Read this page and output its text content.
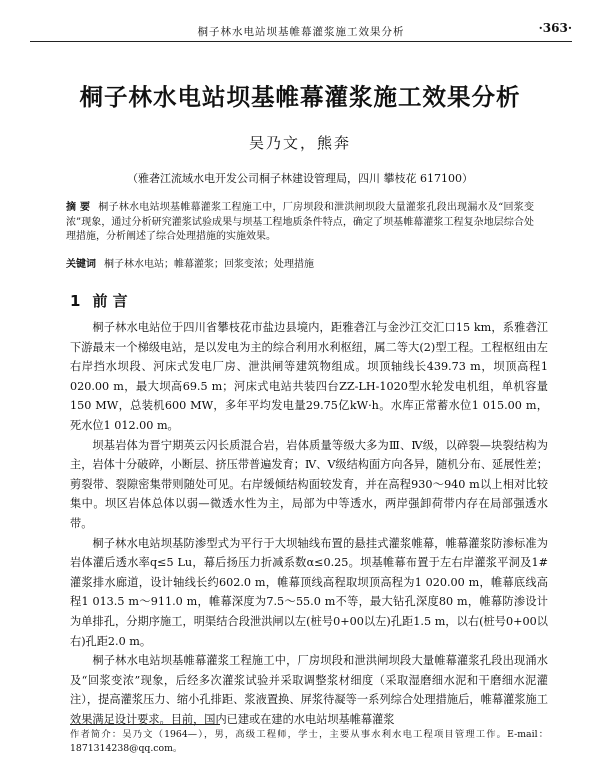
桐子林水电站坝基帷幕灌浆施工效果分析	·363·
桐子林水电站坝基帷幕灌浆施工效果分析
吴乃文，熊奔
（雅砻江流域水电开发公司桐子林建设管理局，四川 攀枝花 617100）
摘 要 桐子林水电站坝基帷幕灌浆工程施工中，厂房坝段和泄洪闸坝段大量灌浆孔段出现漏水及“回浆变浓”现象，通过分析研究灌浆试验成果与坝基工程地质条件特点，确定了坝基帷幕灌浆工程复杂地层综合处理措施，分析阐述了综合处理措施的实施效果。
关键词 桐子林水电站；帷幕灌浆；回浆变浓；处理措施
1 前 言

桐子林水电站位于四川省攀枝花市盐边县境内，距雅砻江与金沙江交汇口15 km，系雅砻江下游最末一个梯级电站，是以发电为主的综合利用水利枢纽，属二等大(2)型工程。工程枢纽由左右岸挡水坝段、河床式发电厂房、泄洪闸等建筑物组成。坝顶轴线长439.73 m，坝顶高程1 020.00 m，最大坝高69.5 m；河床式电站共装四台ZZ-LH-1020型水轮发电机组，单机容量150 MW，总装机600 MW，多年平均发电量29.75亿kW·h。水库正常蓄水位1 015.00 m，死水位1 012.00 m。

坝基岩体为晋宁期英云闪长质混合岩，岩体质量等级大多为Ⅲ、Ⅳ级，以碎裂—块裂结构为主，岩体十分破碎，小断层、挤压带普遍发育；Ⅳ、Ⅴ级结构面方向各异，随机分布、延展性差；剪裂带、裂隙密集带则随处可见。右岸缓倾结构面较发育，并在高程930～940 m以上相对比较集中。坝区岩体总体以弱—微透水性为主，局部为中等透水，两岸强卸荷带内存在局部强透水带。

桐子林水电站坝基防渗型式为平行于大坝轴线布置的悬挂式灌浆帷幕，帷幕灌浆防渗标准为岩体灌后透水率q≤5 Lu，幕后扬压力折减系数α≤0.25。坝基帷幕布置于左右岸灌浆平洞及1#灌浆排水廊道，设计轴线长约602.0 m，帷幕顶线高程取坝顶高程为1 020.00 m，帷幕底线高程1 013.5 m～911.0 m，帷幕深度为7.5～55.0 m不等，最大钻孔深度80 m，帷幕防渗设计为单排孔，分期序施工，明渠结合段泄洪闸以左(桩号0+00以左)孔距1.5 m，以右(桩号0+00以右)孔距2.0 m。

桐子林水电站坝基帷幕灌浆工程施工中，厂房坝段和泄洪闸坝段大量帷幕灌浆孔段出现涌水及“回浆变浓”现象，后经多次灌浆试验并采取调整浆材细度（采取湿磨细水泥和干磨细水泥灌注），提高灌浆压力、缩小孔排距、浆液置换、屏浆待凝等一系列综合处理措施后，帷幕灌浆施工效果满足设计要求。目前，国内已建或在建的水电站坝基帷幕灌浆

作者简介：吴乃文（1964—），男，高级工程师，学士，主要从事水利水电工程项目管理工作。E-mail：1871314238@qq.com。
